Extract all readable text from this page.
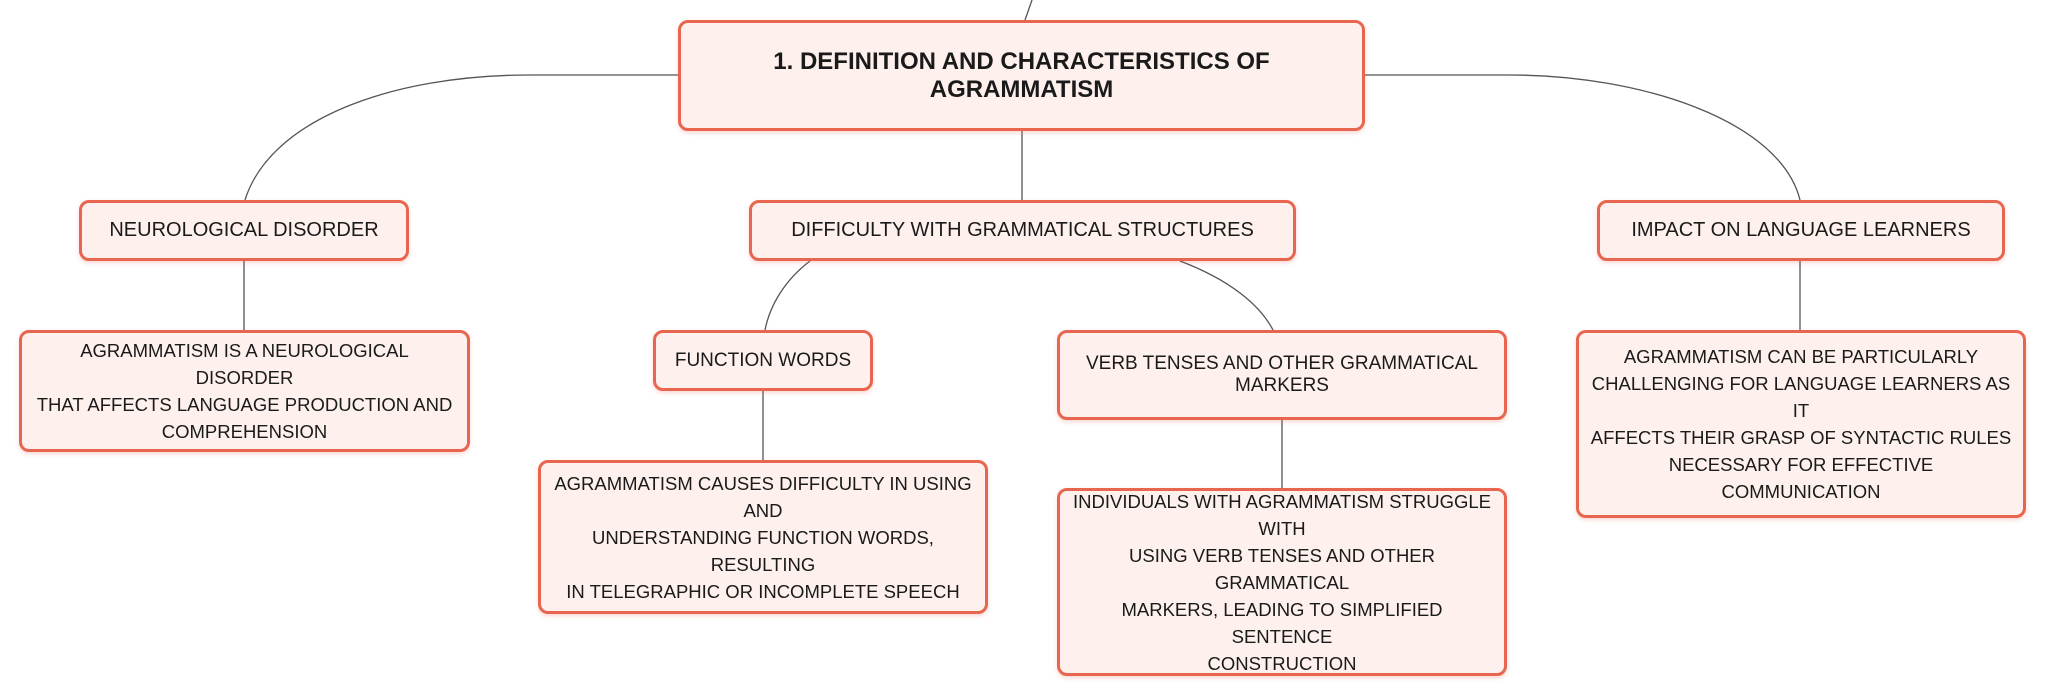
1. DEFINITION AND CHARACTERISTICS OF AGRAMMATISM
NEUROLOGICAL DISORDER	DIFFICULTY WITH GRAMMATICAL STRUCTURES	IMPACT ON LANGUAGE LEARNERS
FUNCTION WORDS	VERB TENSES AND OTHER GRAMMATICAL MARKERS
AGRAMMATISM IS A NEUROLOGICAL DISORDER
THAT AFFECTS LANGUAGE PRODUCTION AND
COMPREHENSION
AGRAMMATISM CAUSES DIFFICULTY IN USING AND
UNDERSTANDING FUNCTION WORDS, RESULTING
IN TELEGRAPHIC OR INCOMPLETE SPEECH
INDIVIDUALS WITH AGRAMMATISM STRUGGLE WITH
USING VERB TENSES AND OTHER GRAMMATICAL
MARKERS, LEADING TO SIMPLIFIED SENTENCE
CONSTRUCTION
AGRAMMATISM CAN BE PARTICULARLY
CHALLENGING FOR LANGUAGE LEARNERS AS IT
AFFECTS THEIR GRASP OF SYNTACTIC RULES
NECESSARY FOR EFFECTIVE COMMUNICATION
